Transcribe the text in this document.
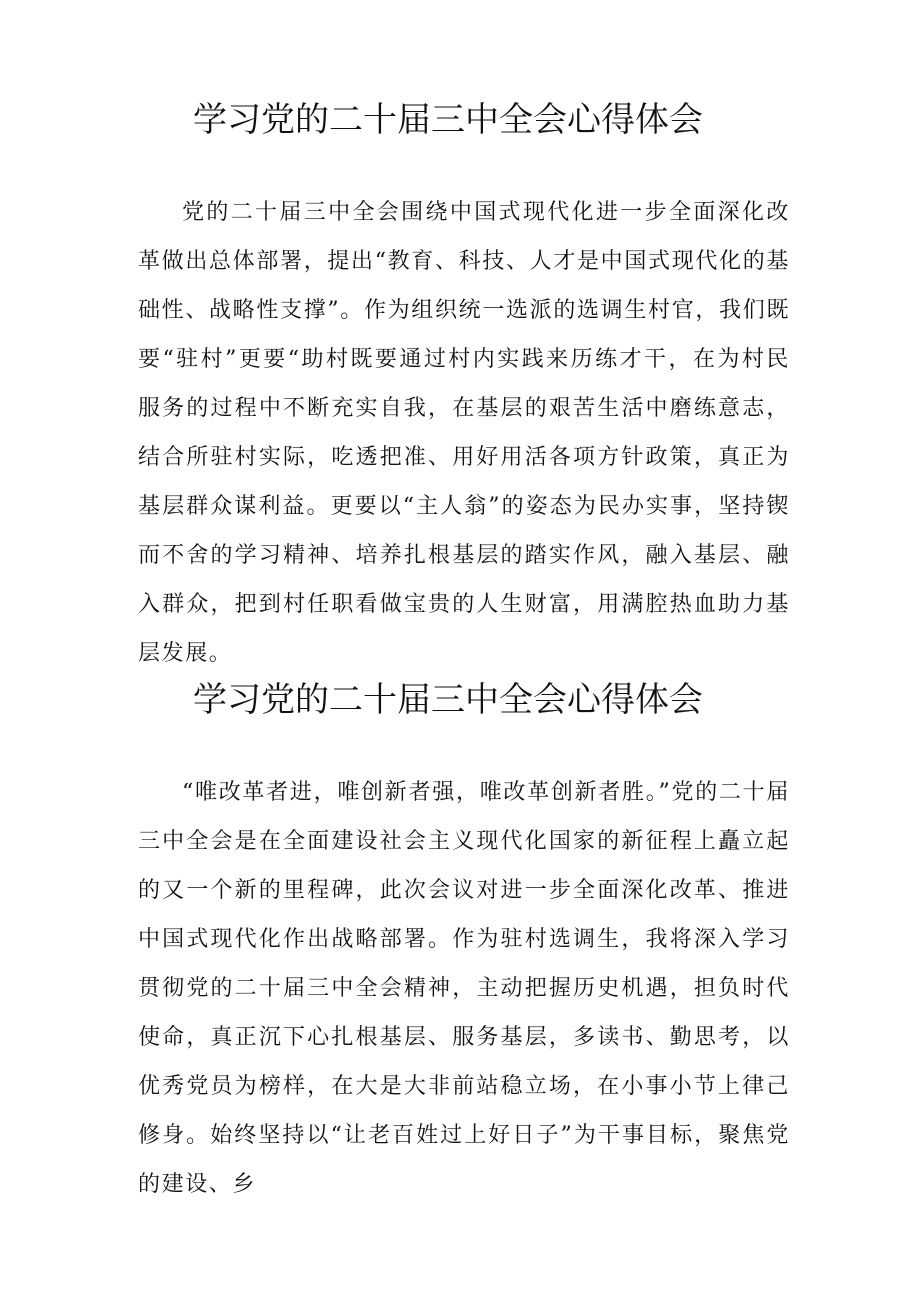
学习党的二十届三中全会心得体会

党的二十届三中全会围绕中国式现代化进一步全面深化改革做出总体部署，提出“教育、科技、人才是中国式现代化的基础性、战略性支撑”。作为组织统一选派的选调生村官，我们既要“驻村”更要“助村既要通过村内实践来历练才干，在为村民服务的过程中不断充实自我，在基层的艰苦生活中磨练意志，结合所驻村实际，吃透把准、用好用活各项方针政策，真正为基层群众谋利益。更要以“主人翁”的姿态为民办实事，坚持锲而不舍的学习精神、培养扎根基层的踏实作风，融入基层、融入群众，把到村任职看做宝贵的人生财富，用满腔热血助力基层发展。

学习党的二十届三中全会心得体会

“唯改革者进，唯创新者强，唯改革创新者胜。”党的二十届三中全会是在全面建设社会主义现代化国家的新征程上矗立起的又一个新的里程碑，此次会议对进一步全面深化改革、推进中国式现代化作出战略部署。作为驻村选调生，我将深入学习贯彻党的二十届三中全会精神，主动把握历史机遇，担负时代使命，真正沉下心扎根基层、服务基层，多读书、勤思考，以优秀党员为榜样，在大是大非前站稳立场，在小事小节上律己修身。始终坚持以“让老百姓过上好日子”为干事目标，聚焦党的建设、乡
